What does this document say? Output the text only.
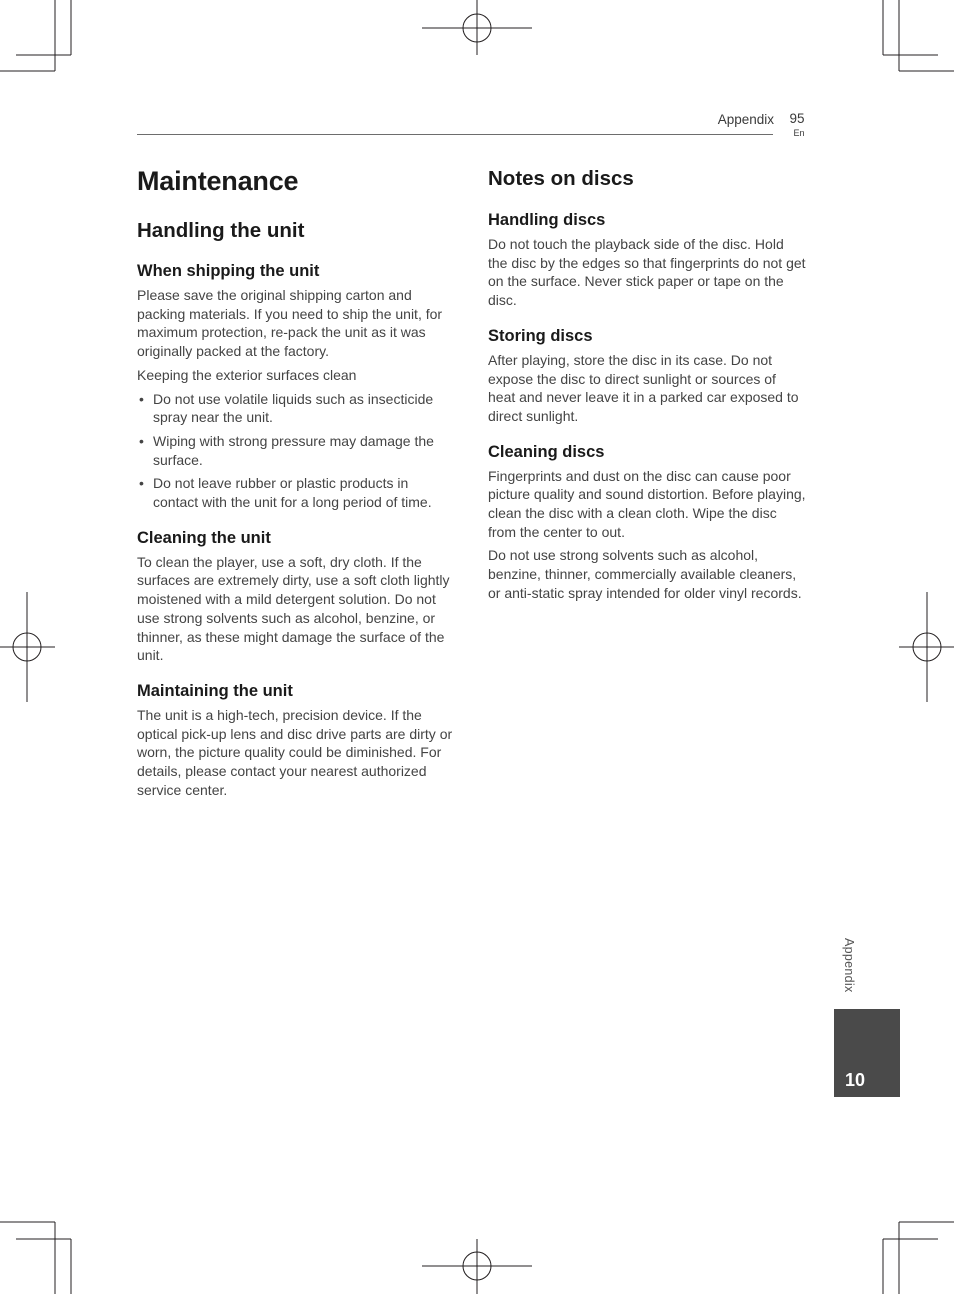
Appendix	95
En
Maintenance
Handling the unit
When shipping the unit

Please save the original shipping carton and packing materials. If you need to ship the unit, for maximum protection, re-pack the unit as it was originally packed at the factory.

Keeping the exterior surfaces clean

• Do not use volatile liquids such as insecticide spray near the unit.
• Wiping with strong pressure may damage the surface.
• Do not leave rubber or plastic products in contact with the unit for a long period of time.
Cleaning the unit

To clean the player, use a soft, dry cloth. If the surfaces are extremely dirty, use a soft cloth lightly moistened with a mild detergent solution. Do not use strong solvents such as alcohol, benzine, or thinner, as these might damage the surface of the unit.

Maintaining the unit

The unit is a high-tech, precision device. If the optical pick-up lens and disc drive parts are dirty or worn, the picture quality could be diminished. For details, please contact your nearest authorized service center.

Notes on discs
Handling discs

Do not touch the playback side of the disc. Hold the disc by the edges so that fingerprints do not get on the surface. Never stick paper or tape on the disc.

Storing discs

After playing, store the disc in its case. Do not expose the disc to direct sunlight or sources of heat and never leave it in a parked car exposed to direct sunlight.

Cleaning discs

Fingerprints and dust on the disc can cause poor picture quality and sound distortion. Before playing, clean the disc with a clean cloth. Wipe the disc from the center to out.

Do not use strong solvents such as alcohol, benzine, thinner, commercially available cleaners, or anti-static spray intended for older vinyl records.

Appendix
10
